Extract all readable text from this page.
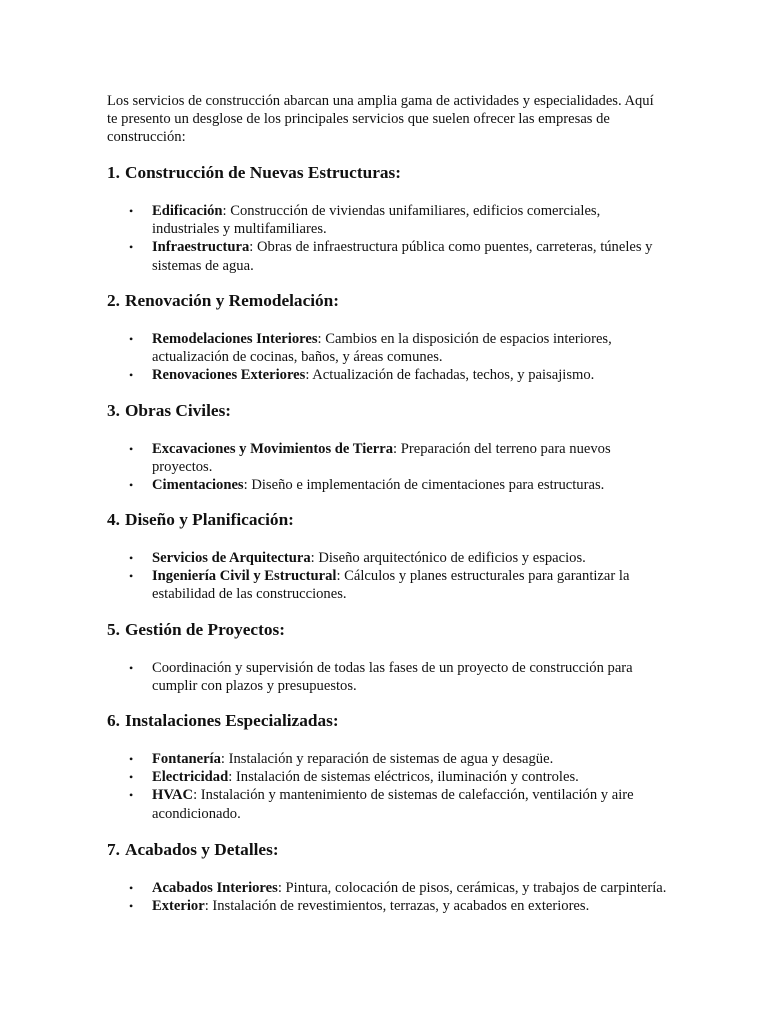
Los servicios de construcción abarcan una amplia gama de actividades y especialidades. Aquí te presento un desglose de los principales servicios que suelen ofrecer las empresas de construcción:

1. Construcción de Nuevas Estructuras:
• Edificación: Construcción de viviendas unifamiliares, edificios comerciales, industriales y multifamiliares.
• Infraestructura: Obras de infraestructura pública como puentes, carreteras, túneles y sistemas de agua.
2. Renovación y Remodelación:
• Remodelaciones Interiores: Cambios en la disposición de espacios interiores, actualización de cocinas, baños, y áreas comunes.
• Renovaciones Exteriores: Actualización de fachadas, techos, y paisajismo.
3. Obras Civiles:
• Excavaciones y Movimientos de Tierra: Preparación del terreno para nuevos proyectos.
• Cimentaciones: Diseño e implementación de cimentaciones para estructuras.
4. Diseño y Planificación:
• Servicios de Arquitectura: Diseño arquitectónico de edificios y espacios.
• Ingeniería Civil y Estructural: Cálculos y planes estructurales para garantizar la estabilidad de las construcciones.
5. Gestión de Proyectos:
• Coordinación y supervisión de todas las fases de un proyecto de construcción para cumplir con plazos y presupuestos.
6. Instalaciones Especializadas:
• Fontanería: Instalación y reparación de sistemas de agua y desagüe.
• Electricidad: Instalación de sistemas eléctricos, iluminación y controles.
• HVAC: Instalación y mantenimiento de sistemas de calefacción, ventilación y aire acondicionado.
7. Acabados y Detalles:
• Acabados Interiores: Pintura, colocación de pisos, cerámicas, y trabajos de carpintería.
• Exterior: Instalación de revestimientos, terrazas, y acabados en exteriores.
